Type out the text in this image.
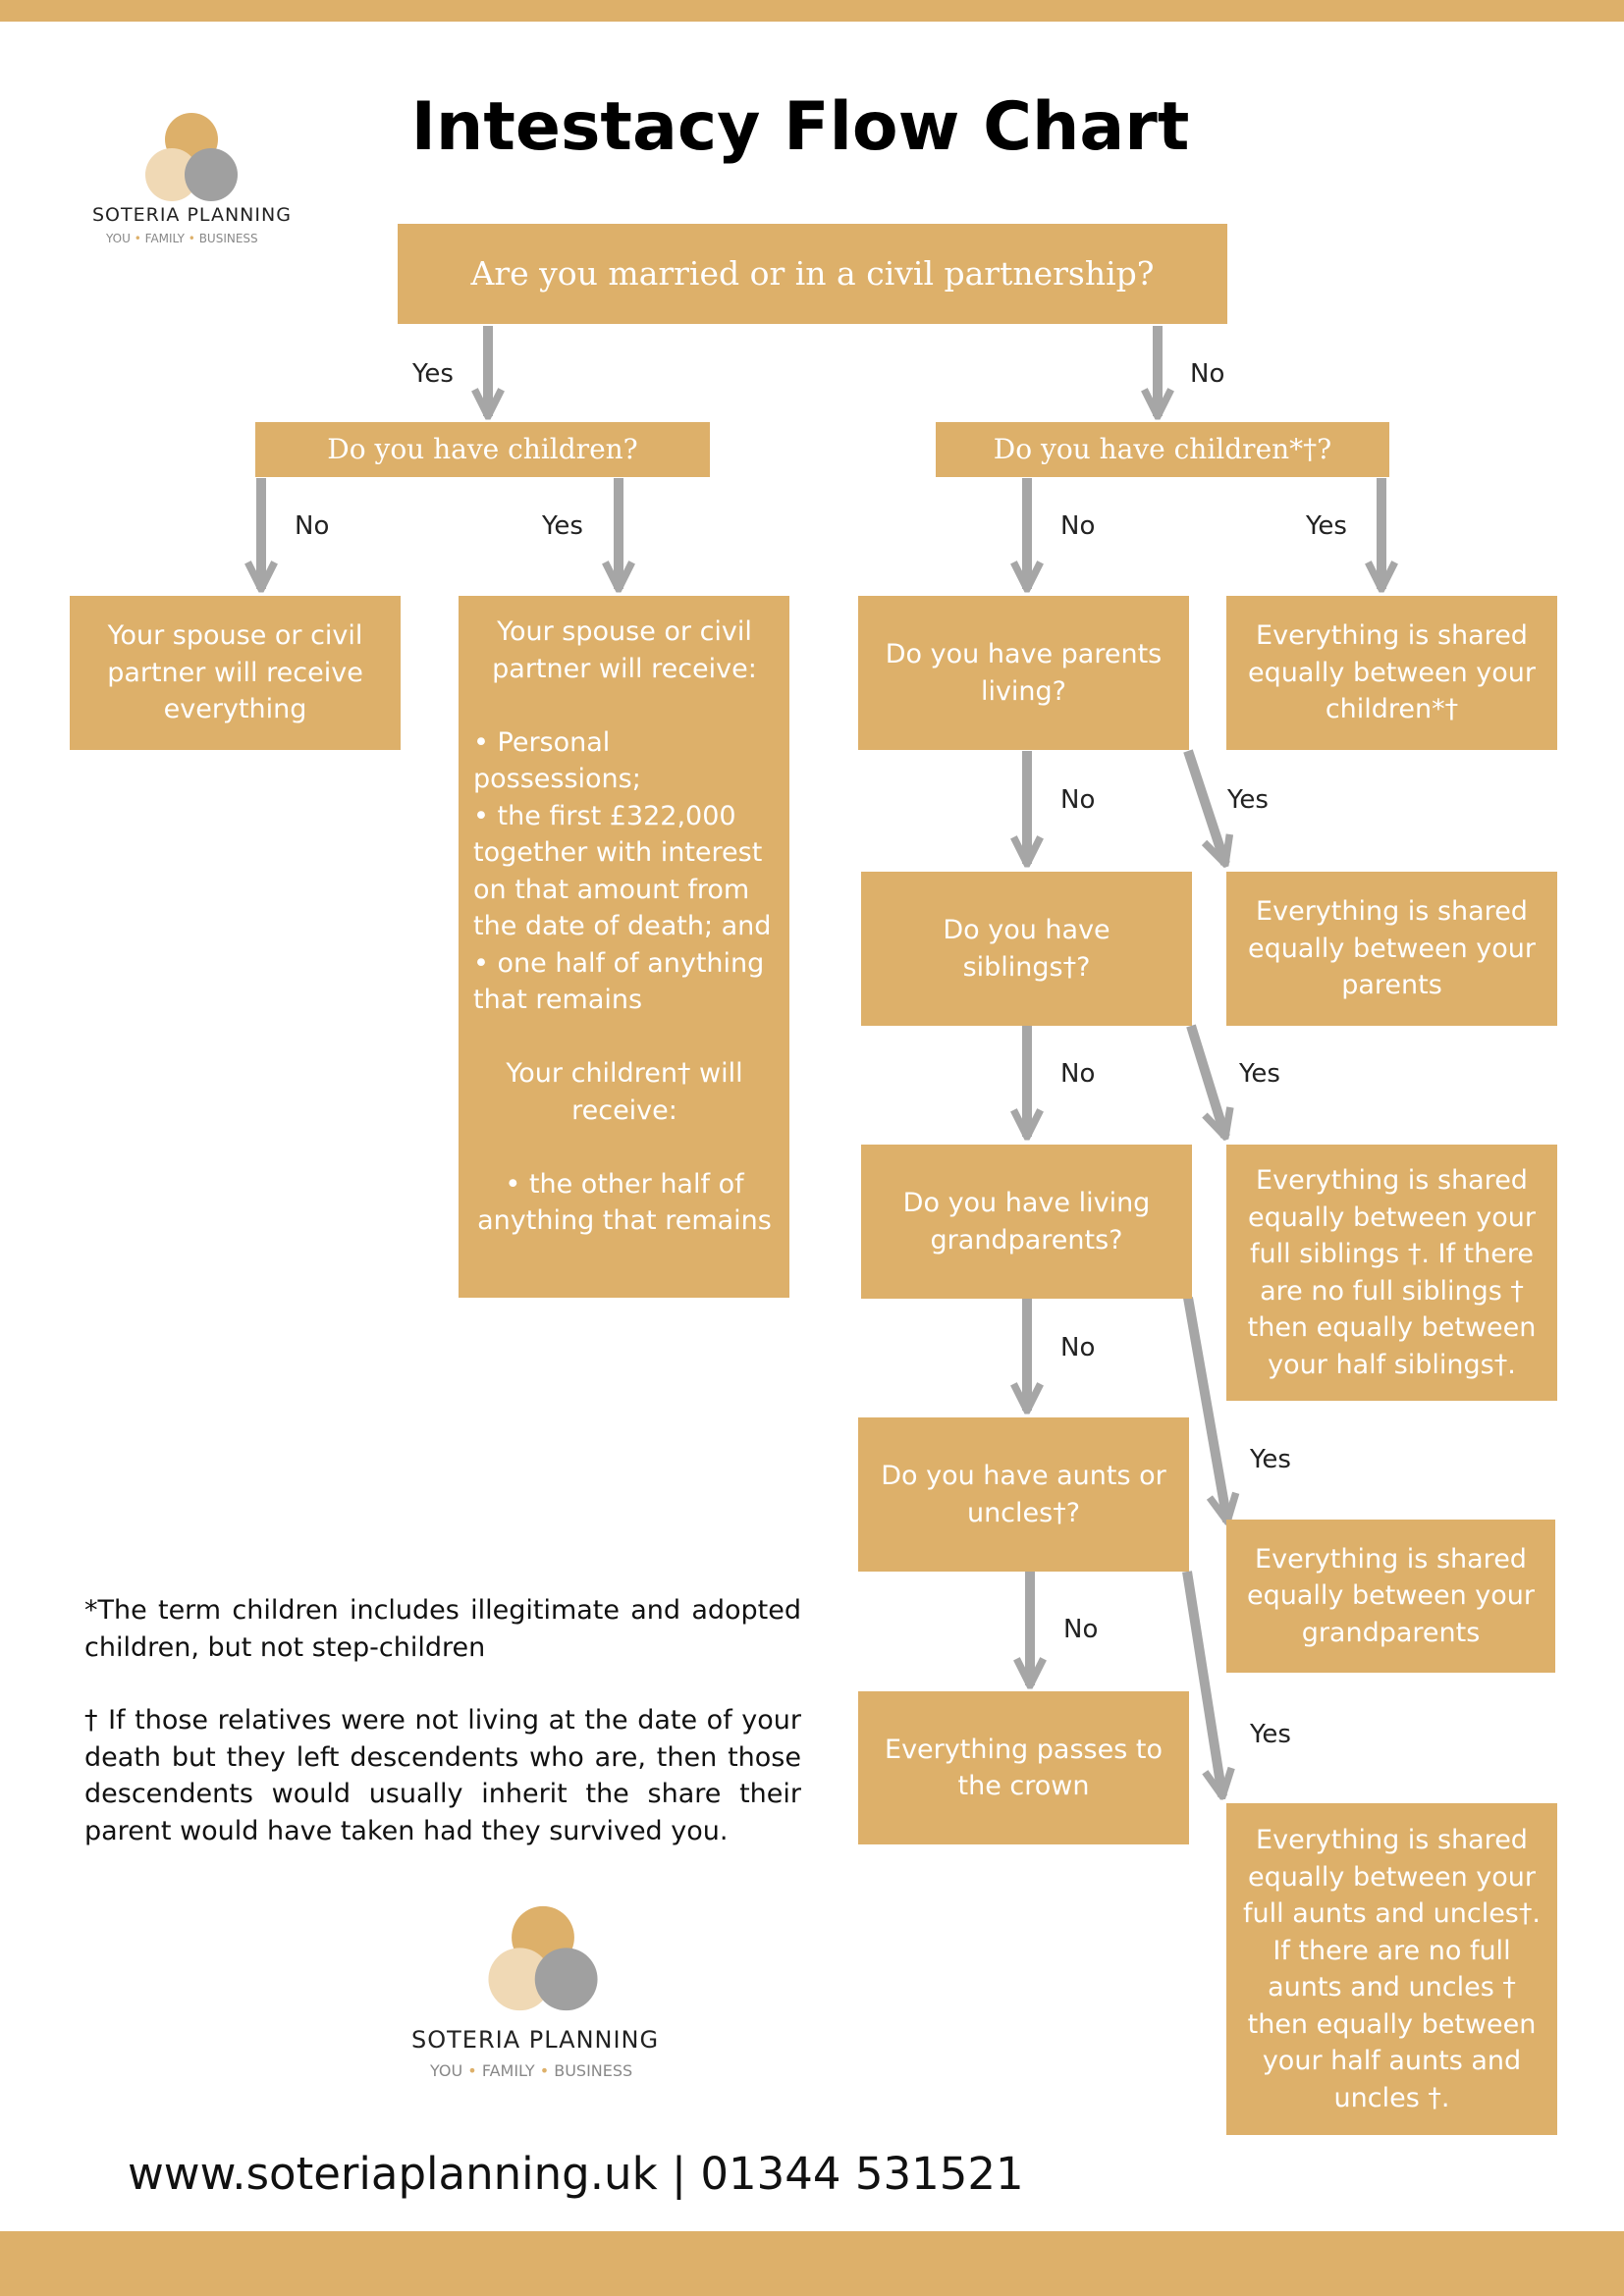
SOTERIA PLANNING
YOU • FAMILY • BUSINESS
Intestacy Flow Chart
Yes	No
No	Yes	No	Yes
No	Yes
No	Yes
No
Yes
No
Yes
Are you married or in a civil partnership?
Do you have children?	Do you have children*†?
Your spouse or civil partner will receive everything
Your spouse or civil partner will receive:
• Personal possessions;
• the first £322,000 together with interest on that amount from the date of death; and • one half of anything that remains
Your children† will receive:
• the other half of anything that remains
Do you have parents living?
Everything is shared equally between your children*†
Do you have siblings†?
Everything is shared equally between your parents
Do you have living grandparents?
Everything is shared equally between your full siblings †. If there are no full siblings † then equally between your half siblings†.
Do you have aunts or uncles†?
Everything is shared equally between your grandparents
Everything passes to the crown
Everything is shared equally between your full aunts and uncles†. If there are no full aunts and uncles † then equally between your half aunts and uncles †.
*The term children includes illegitimate and adopted children, but not step-children
† If those relatives were not living at the date of your death but they left descendents who are, then those descendents would usually inherit the share their parent would have taken had they survived you.
SOTERIA PLANNING
YOU • FAMILY • BUSINESS
www.soteriaplanning.uk | 01344 531521
